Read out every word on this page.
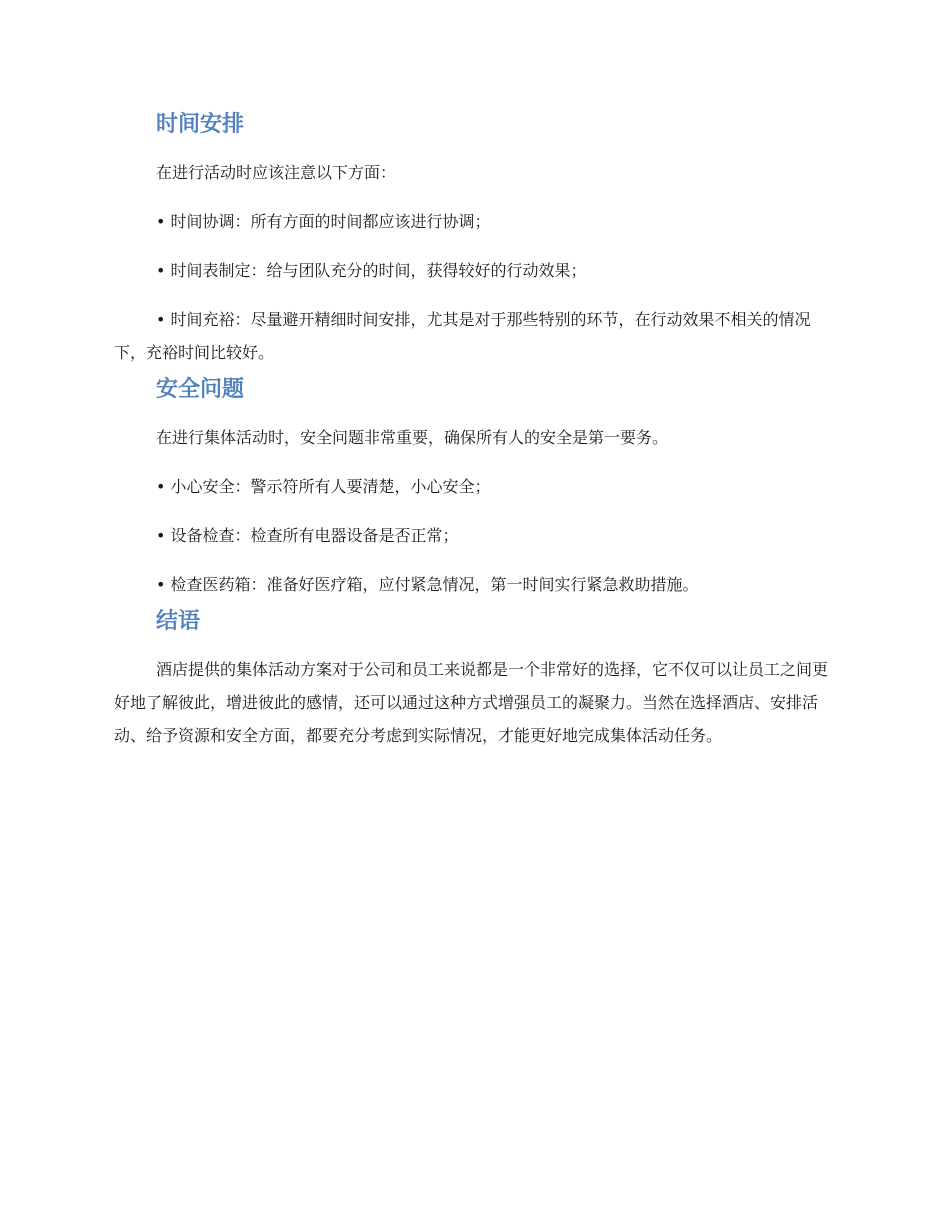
时间安排

在进行活动时应该注意以下方面：

• 时间协调：所有方面的时间都应该进行协调；

• 时间表制定：给与团队充分的时间，获得较好的行动效果；

• 时间充裕：尽量避开精细时间安排，尤其是对于那些特别的环节，在行动效果不相关的情况下，充裕时间比较好。

安全问题

在进行集体活动时，安全问题非常重要，确保所有人的安全是第一要务。

• 小心安全：警示符所有人要清楚，小心安全；

• 设备检查：检查所有电器设备是否正常；

• 检查医药箱：准备好医疗箱，应付紧急情况，第一时间实行紧急救助措施。

结语

酒店提供的集体活动方案对于公司和员工来说都是一个非常好的选择，它不仅可以让员工之间更好地了解彼此，增进彼此的感情，还可以通过这种方式增强员工的凝聚力。当然在选择酒店、安排活动、给予资源和安全方面，都要充分考虑到实际情况，才能更好地完成集体活动任务。
